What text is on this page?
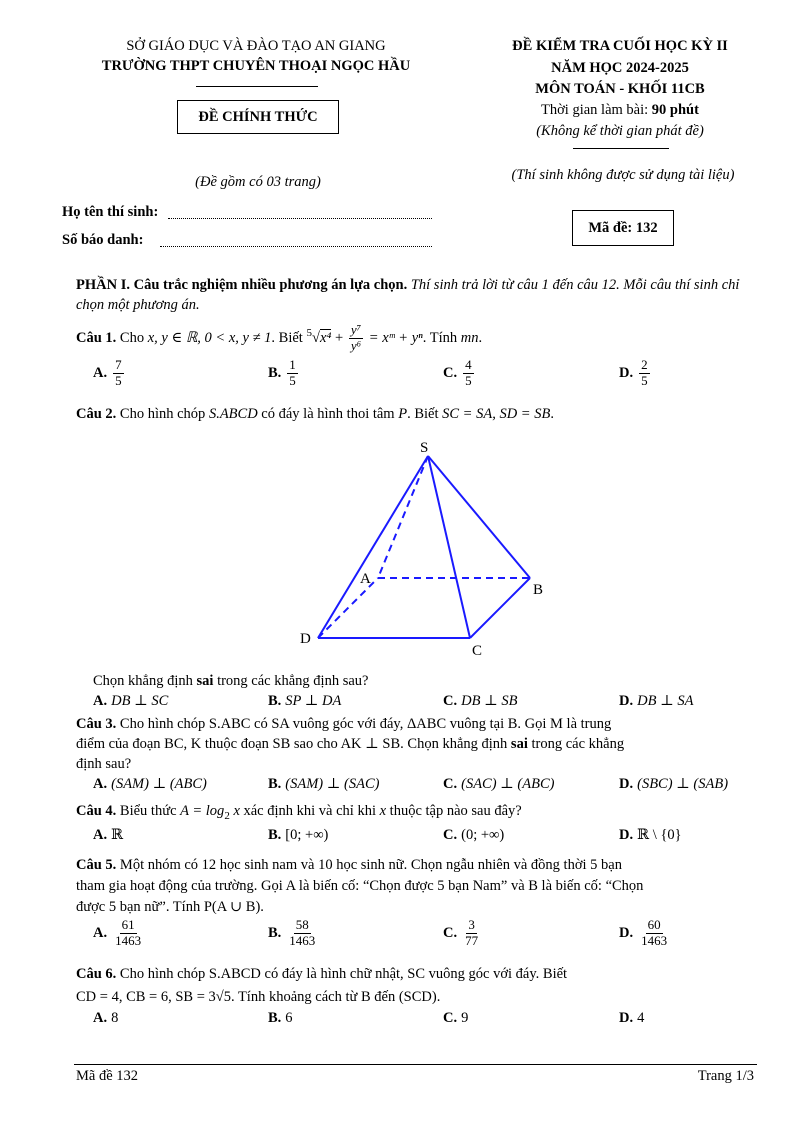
SỞ GIÁO DỤC VÀ ĐÀO TẠO AN GIANG
TRƯỜNG THPT CHUYÊN THOẠI NGỌC HẦU
ĐỀ CHÍNH THỨC
(Đề gồm có 03 trang)
ĐỀ KIỂM TRA CUỐI HỌC KỲ II
NĂM HỌC 2024-2025
MÔN TOÁN - KHỐI 11CB
Thời gian làm bài: 90 phút
(Không kể thời gian phát đề)
(Thí sinh không được sử dụng tài liệu)
Họ tên thí sinh:
Số báo danh:
Mã đề: 132
PHẦN I. Câu trắc nghiệm nhiều phương án lựa chọn. Thí sinh trả lời từ câu 1 đến câu 12. Mỗi câu thí sinh chỉ chọn một phương án.
Câu 1. Cho x, y ∈ ℝ, 0 < x, y ≠ 1. Biết $^5√x^4 + \frac{\text{y⁷}}{\text{y⁶}}$ = xᵐ + yⁿ. Tính mn.
A. $\frac{7}{5}$	B. $\frac{1}{5}$	C. $\frac{4}{5}$	D. $\frac{2}{5}$
Câu 2. Cho hình chóp S.ABCD có đáy là hình thoi tâm P. Biết SC = SA, SD = SB.
S
A
B
C
D
Chọn khẳng định sai trong các khẳng định sau?
A. DB ⊥ SC	B. SP ⊥ DA	C. DB ⊥ SB	D. DB ⊥ SA
Câu 3. Cho hình chóp S.ABC có SA vuông góc với đáy, ΔABC vuông tại B. Gọi M là trung
điểm của đoạn BC, K thuộc đoạn SB sao cho AK ⊥ SB. Chọn khẳng định sai trong các khẳng
định sau?
A. (SAM) ⊥ (ABC)	B. (SAM) ⊥ (SAC)	C. (SAC) ⊥ (ABC)	D. (SBC) ⊥ (SAB)
Câu 4. Biểu thức $A = \log_2 x$ xác định khi và chỉ khi x thuộc tập nào sau đây?
A. ℝ	B. [0; +∞)	C. (0; +∞)	D. ℝ \ {0}
Câu 5. Một nhóm có 12 học sinh nam và 10 học sinh nữ. Chọn ngẫu nhiên và đồng thời 5 bạn
tham gia hoạt động của trường. Gọi A là biến cố: “Chọn được 5 bạn Nam” và B là biến cố: “Chọn
được 5 bạn nữ”. Tính P(A ∪ B).
A. $\frac{61}{1463}$	B. $\frac{58}{1463}$	C. $\frac{3}{77}$	D. $\frac{60}{1463}$
Câu 6. Cho hình chóp S.ABCD có đáy là hình chữ nhật, SC vuông góc với đáy. Biết
CD = 4, CB = 6, SB = 3√5. Tính khoảng cách từ B đến (SCD).
A. 8	B. 6	C. 9	D. 4
Mã đề 132	Trang 1/3
